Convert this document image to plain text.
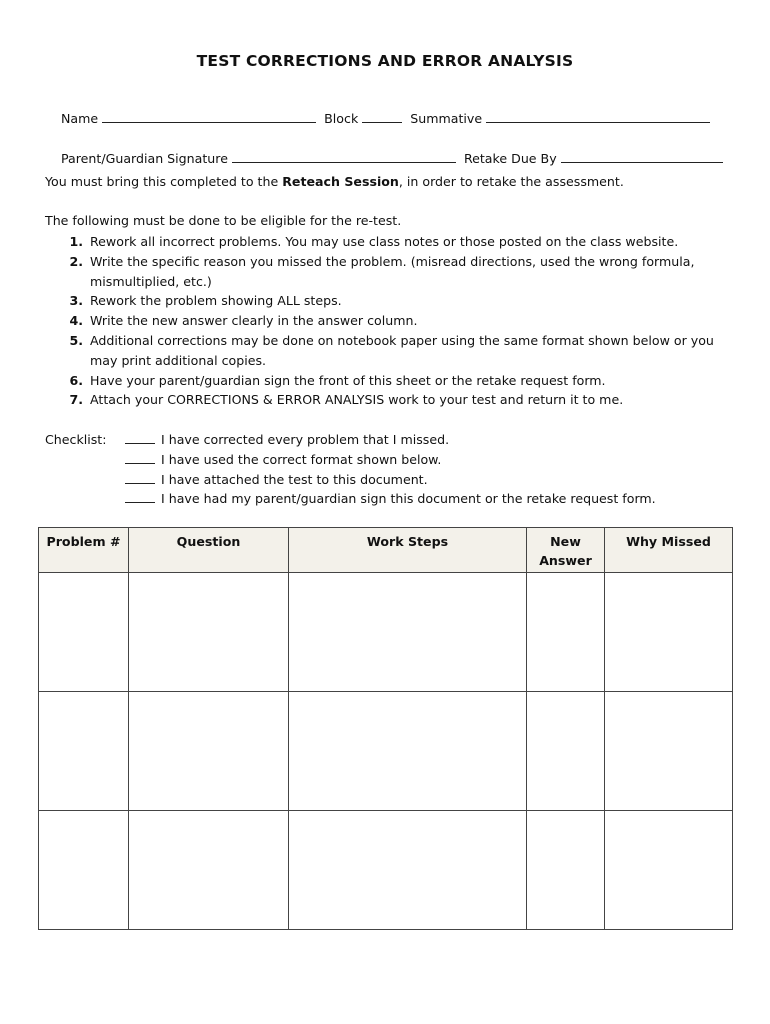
TEST CORRECTIONS AND ERROR ANALYSIS

Name	Block	Summative

Parent/Guardian Signature	Retake Due By

You must bring this completed to the Reteach Session, in order to retake the assessment.
The following must be done to be eligible for the re-test.
1. Rework all incorrect problems. You may use class notes or those posted on the class website.
2. Write the specific reason you missed the problem. (misread directions, used the wrong formula, mismultiplied, etc.)
3. Rework the problem showing ALL steps.
4. Write the new answer clearly in the answer column.
5. Additional corrections may be done on notebook paper using the same format shown below or you may print additional copies.
6. Have your parent/guardian sign the front of this sheet or the retake request form.
7. Attach your CORRECTIONS & ERROR ANALYSIS work to your test and return it to me.
Checklist:	I have corrected every problem that I missed.
I have used the correct format shown below.
I have attached the test to this document.
I have had my parent/guardian sign this document or the retake request form.
Problem #	Question	Work Steps	New Answer	Why Missed
